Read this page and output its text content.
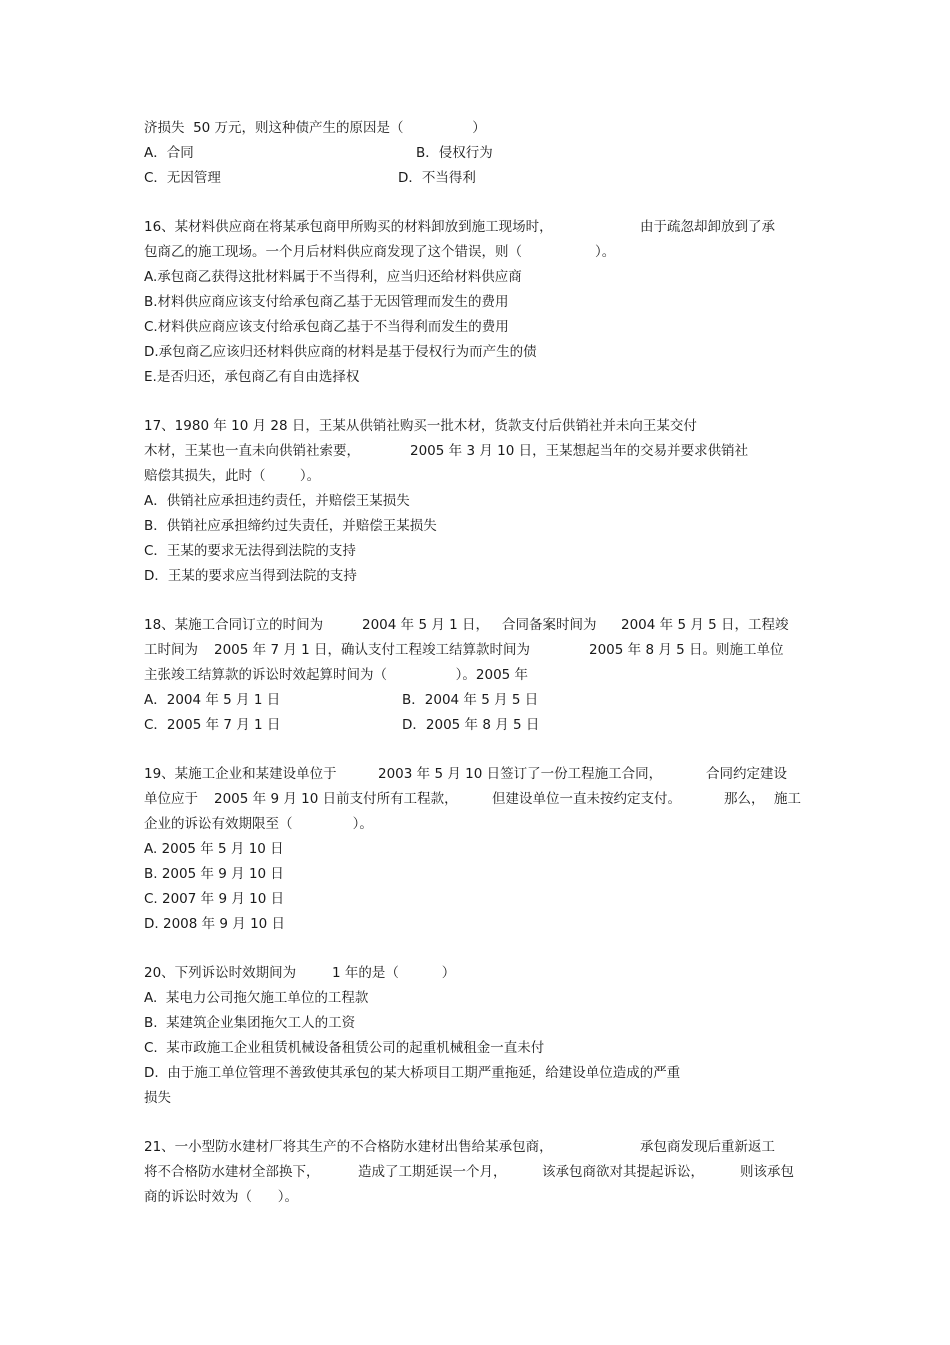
济损失  50 万元，则这种债产生的原因是（                ）
A．合同	B．侵权行为
C．无因管理	D．不当得利

16、某材料供应商在将某承包商甲所购买的材料卸放到施工现场时，

	由于疏忽却卸放到了承

包商乙的施工现场。一个月后材料供应商发现了这个错误，则（                 ）。
A.承包商乙获得这批材料属于不当得利，应当归还给材料供应商
B.材料供应商应该支付给承包商乙基于无因管理而发生的费用
C.材料供应商应该支付给承包商乙基于不当得利而发生的费用
D.承包商乙应该归还材料供应商的材料是基于侵权行为而产生的债
E.是否归还，承包商乙有自由选择权
17、1980 年 10 月 28 日，王某从供销社购买一批木材，货款支付后供销社并未向王某交付

木材，王某也一直未向供销社索要，

	2005 年 3 月 10 日，王某想起当年的交易并要求供销社

赔偿其损失，此时（        ）。
A．供销社应承担违约责任，并赔偿王某损失
B．供销社应承担缔约过失责任，并赔偿王某损失
C．王某的要求无法得到法院的支持
D．王某的要求应当得到法院的支持

18、某施工合同订立的时间为

	2004 年 5 月 1 日，

合同备案时间为

2004 年 5 月 5 日，工程竣

工时间为

2005 年 7 月 1 日，确认支付工程竣工结算款时间为

	2005 年 8 月 5 日。则施工单位

主张竣工结算款的诉讼时效起算时间为（                ）。2005 年
A．2004 年 5 月 1 日	B．2004 年 5 月 5 日
C．2005 年 7 月 1 日	D．2005 年 8 月 5 日

19、某施工企业和某建设单位于

	2003 年 5 月 10 日签订了一份工程施工合同，

	合同约定建设

单位应于

2005 年 9 月 10 日前支付所有工程款，

	但建设单位一直未按约定支付。

	那么，

施工

企业的诉讼有效期限至（              ）。
A. 2005 年 5 月 10 日
B. 2005 年 9 月 10 日
C. 2007 年 9 月 10 日
D. 2008 年 9 月 10 日

20、下列诉讼时效期间为

	1 年的是（          ）

A.  某电力公司拖欠施工单位的工程款
B.  某建筑企业集团拖欠工人的工资
C.  某市政施工企业租赁机械设备租赁公司的起重机械租金一直未付
D.  由于施工单位管理不善致使其承包的某大桥项目工期严重拖延，给建设单位造成的严重
损失

21、一小型防水建材厂将其生产的不合格防水建材出售给某承包商，

	承包商发现后重新返工

将不合格防水建材全部换下，

	造成了工期延误一个月，

	该承包商欲对其提起诉讼，

	则该承包

商的诉讼时效为（      ）。
